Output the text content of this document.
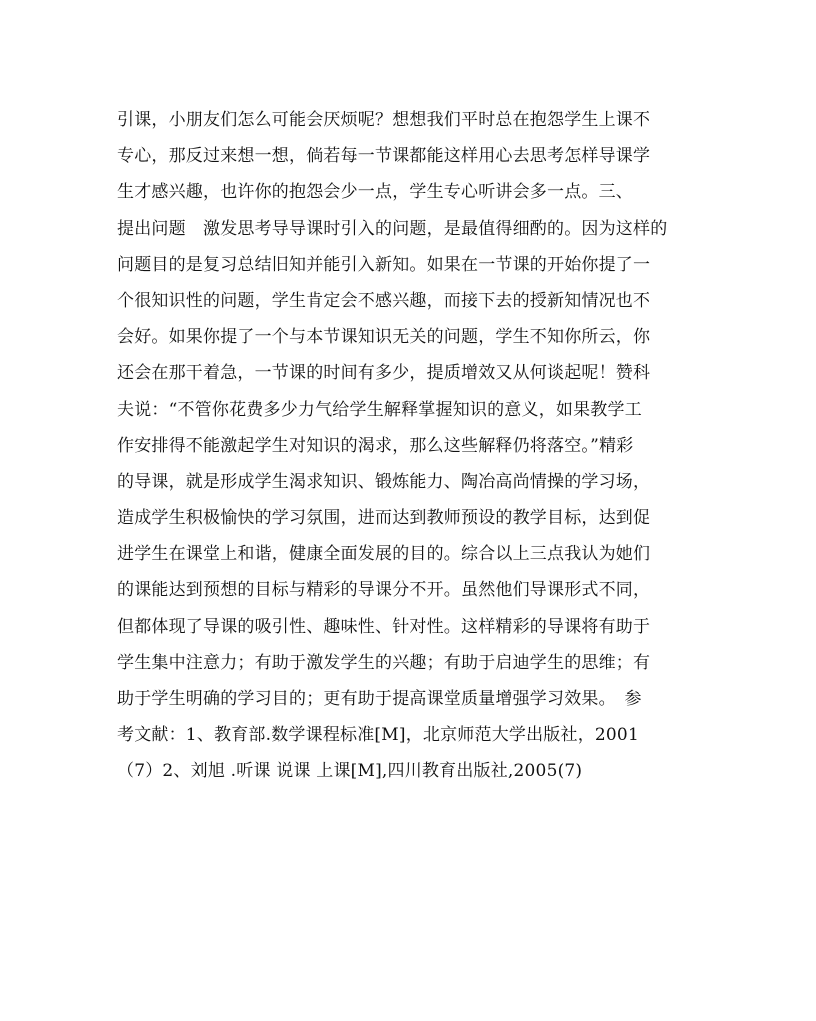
引课，小朋友们怎么可能会厌烦呢？想想我们平时总在抱怨学生上课不
专心，那反过来想一想，倘若每一节课都能这样用心去思考怎样导课学
生才感兴趣，也许你的抱怨会少一点，学生专心听讲会多一点。三、
提出问题　激发思考导导课时引入的问题，是最值得细酌的。因为这样的
问题目的是复习总结旧知并能引入新知。如果在一节课的开始你提了一
个很知识性的问题，学生肯定会不感兴趣，而接下去的授新知情况也不
会好。如果你提了一个与本节课知识无关的问题，学生不知你所云，你
还会在那干着急，一节课的时间有多少，提质增效又从何谈起呢！赞科
夫说：“不管你花费多少力气给学生解释掌握知识的意义，如果教学工
作安排得不能激起学生对知识的渴求，那么这些解释仍将落空。”精彩
的导课，就是形成学生渴求知识、锻炼能力、陶冶高尚情操的学习场，
造成学生积极愉快的学习氛围，进而达到教师预设的教学目标，达到促
进学生在课堂上和谐，健康全面发展的目的。综合以上三点我认为她们
的课能达到预想的目标与精彩的导课分不开。虽然他们导课形式不同，
但都体现了导课的吸引性、趣味性、针对性。这样精彩的导课将有助于
学生集中注意力；有助于激发学生的兴趣；有助于启迪学生的思维；有
助于学生明确的学习目的；更有助于提高课堂质量增强学习效果。　参
考文献：1、教育部.数学课程标准[M]，北京师范大学出版社，2001
（7）2、刘旭 .听课 说课 上课[M],四川教育出版社,2005(7)
